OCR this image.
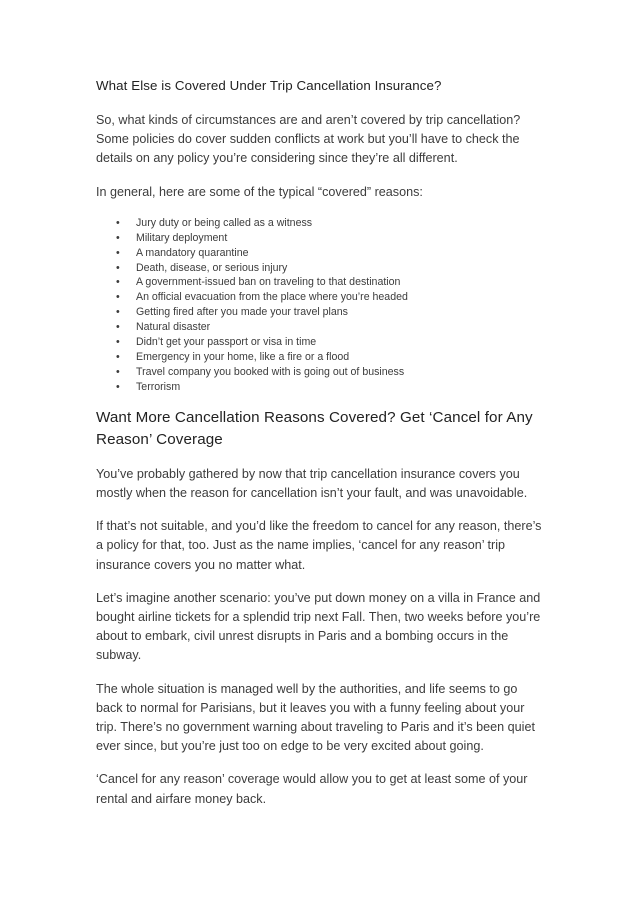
What Else is Covered Under Trip Cancellation Insurance?

So, what kinds of circumstances are and aren’t covered by trip cancellation? Some policies do cover sudden conflicts at work but you’ll have to check the details on any policy you’re considering since they’re all different.

In general, here are some of the typical “covered” reasons:

• Jury duty or being called as a witness
• Military deployment
• A mandatory quarantine
• Death, disease, or serious injury
• A government-issued ban on traveling to that destination
• An official evacuation from the place where you’re headed
• Getting fired after you made your travel plans
• Natural disaster
• Didn’t get your passport or visa in time
• Emergency in your home, like a fire or a flood
• Travel company you booked with is going out of business
• Terrorism
Want More Cancellation Reasons Covered? Get ‘Cancel for Any Reason’ Coverage

You’ve probably gathered by now that trip cancellation insurance covers you mostly when the reason for cancellation isn’t your fault, and was unavoidable.

If that’s not suitable, and you’d like the freedom to cancel for any reason, there’s a policy for that, too. Just as the name implies, ‘cancel for any reason’ trip insurance covers you no matter what.

Let’s imagine another scenario: you’ve put down money on a villa in France and bought airline tickets for a splendid trip next Fall. Then, two weeks before you’re about to embark, civil unrest disrupts in Paris and a bombing occurs in the subway.

The whole situation is managed well by the authorities, and life seems to go back to normal for Parisians, but it leaves you with a funny feeling about your trip. There’s no government warning about traveling to Paris and it’s been quiet ever since, but you’re just too on edge to be very excited about going.

‘Cancel for any reason’ coverage would allow you to get at least some of your rental and airfare money back.
